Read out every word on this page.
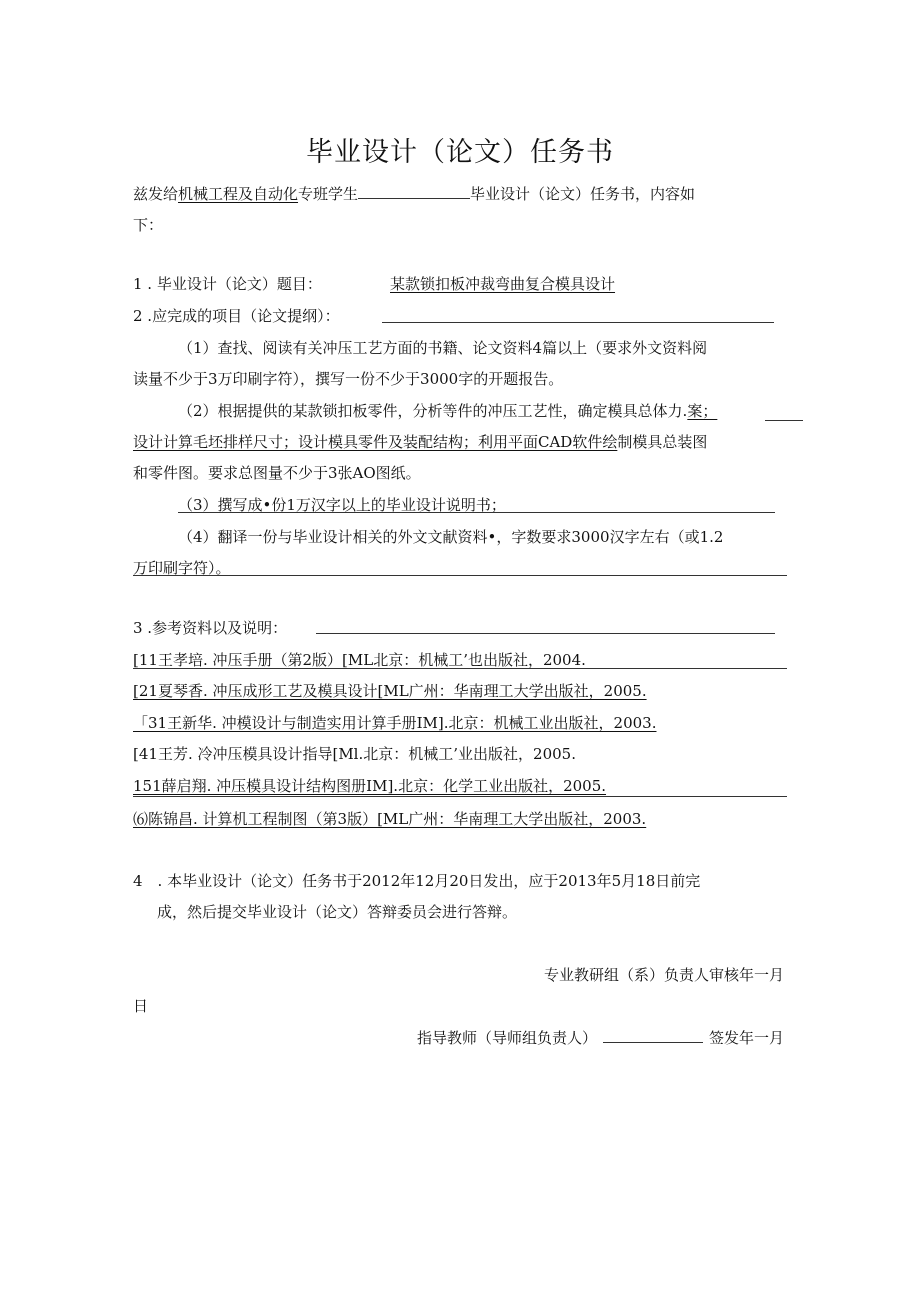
毕业设计（论文）任务书
兹发给机械工程及自动化专班学生	毕业设计（论文）任务书，内容如
下：
1 . 毕业设计（论文）题目：	某款锁扣板冲裁弯曲复合模具设计
2 .应完成的项目（论文提纲）：
（1）查找、阅读有关冲压工艺方面的书籍、论文资料4篇以上（要求外文资料阅
读量不少于3万印刷字符），撰写一份不少于3000字的开题报告。
（2）根据提供的某款锁扣板零件，分析等件的冲压工艺性，确定模具总体力.案；
设计计算毛坯排样尺寸；设计模具零件及装配结构；利用平面CAD软件绘制模具总装图
和零件图。要求总图量不少于3张AO图纸。
（3）撰写成•份1万汉字以上的毕业设计说明书；
（4）翻译一份与毕业设计相关的外文文献资料•，字数要求3000汉字左右（或1.2
万印刷字符）。
3 .参考资料以及说明：
[11王孝培. 冲压手册（第2版）[ML北京：机械工’也出版社，2004.
[21夏琴香. 冲压成形工艺及模具设计[ML广州：华南理工大学出版社，2005.
「31王新华. 冲模设计与制造实用计算手册IM].北京：机械工业出版社，2003.
[41王芳. 冷冲压模具设计指导[Ml.北京：机械工’业出版社，2005.
151薛启翔. 冲压模具设计结构图册IM].北京：化学工业出版社，2005.
⑹陈锦昌. 计算机工程制图（第3版）[ML广州：华南理工大学出版社，2003.
4　. 本毕业设计（论文）任务书于2012年12月20日发出，应于2013年5月18日前完
成，然后提交毕业设计（论文）答辩委员会进行答辩。
专业教研组（系）负责人审核年一月
日
指导教师（导师组负责人）	签发年一月
